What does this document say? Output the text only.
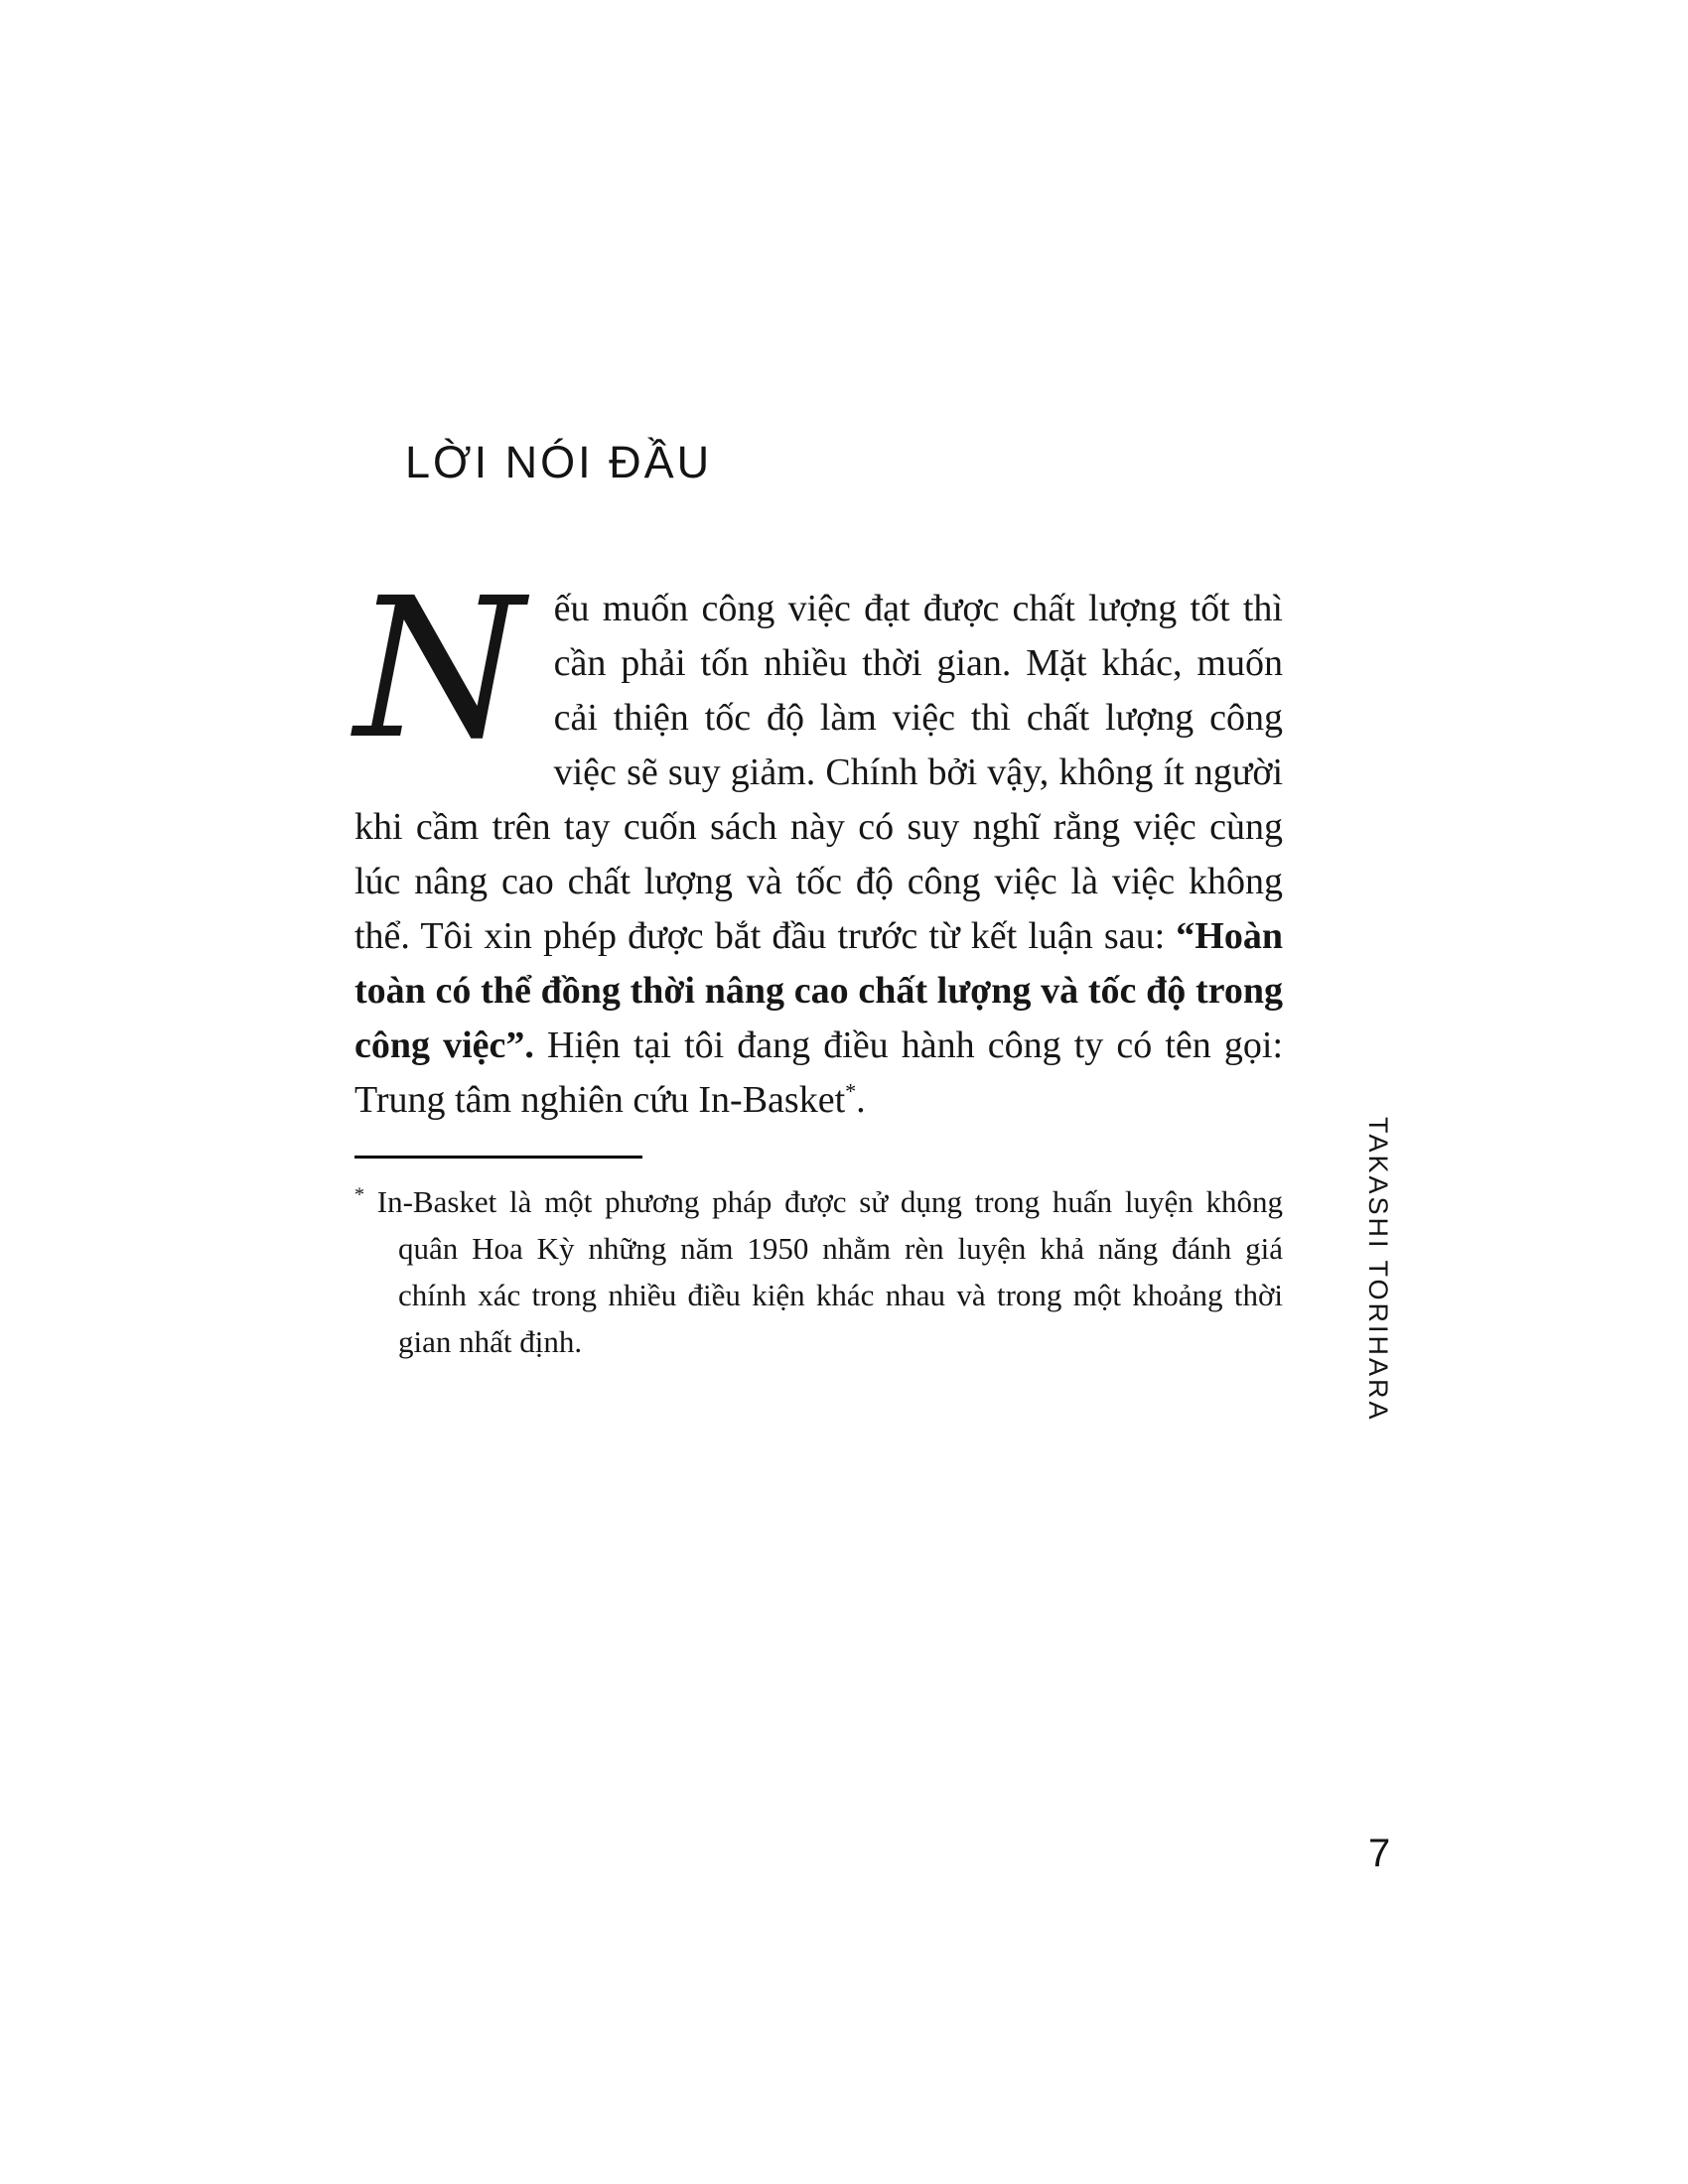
LỜI NÓI ĐẦU

Nếu muốn công việc đạt được chất lượng tốt thì cần phải tốn nhiều thời gian. Mặt khác, muốn cải thiện tốc độ làm việc thì chất lượng công việc sẽ suy giảm. Chính bởi vậy, không ít người khi cầm trên tay cuốn sách này có suy nghĩ rằng việc cùng lúc nâng cao chất lượng và tốc độ công việc là việc không thể. Tôi xin phép được bắt đầu trước từ kết luận sau: “Hoàn toàn có thể đồng thời nâng cao chất lượng và tốc độ trong công việc”. Hiện tại tôi đang điều hành công ty có tên gọi: Trung tâm nghiên cứu In-Basket*.

* In-Basket là một phương pháp được sử dụng trong huấn luyện không quân Hoa Kỳ những năm 1950 nhằm rèn luyện khả năng đánh giá chính xác trong nhiều điều kiện khác nhau và trong một khoảng thời gian nhất định.	TAKASHI TORIHARA
7
